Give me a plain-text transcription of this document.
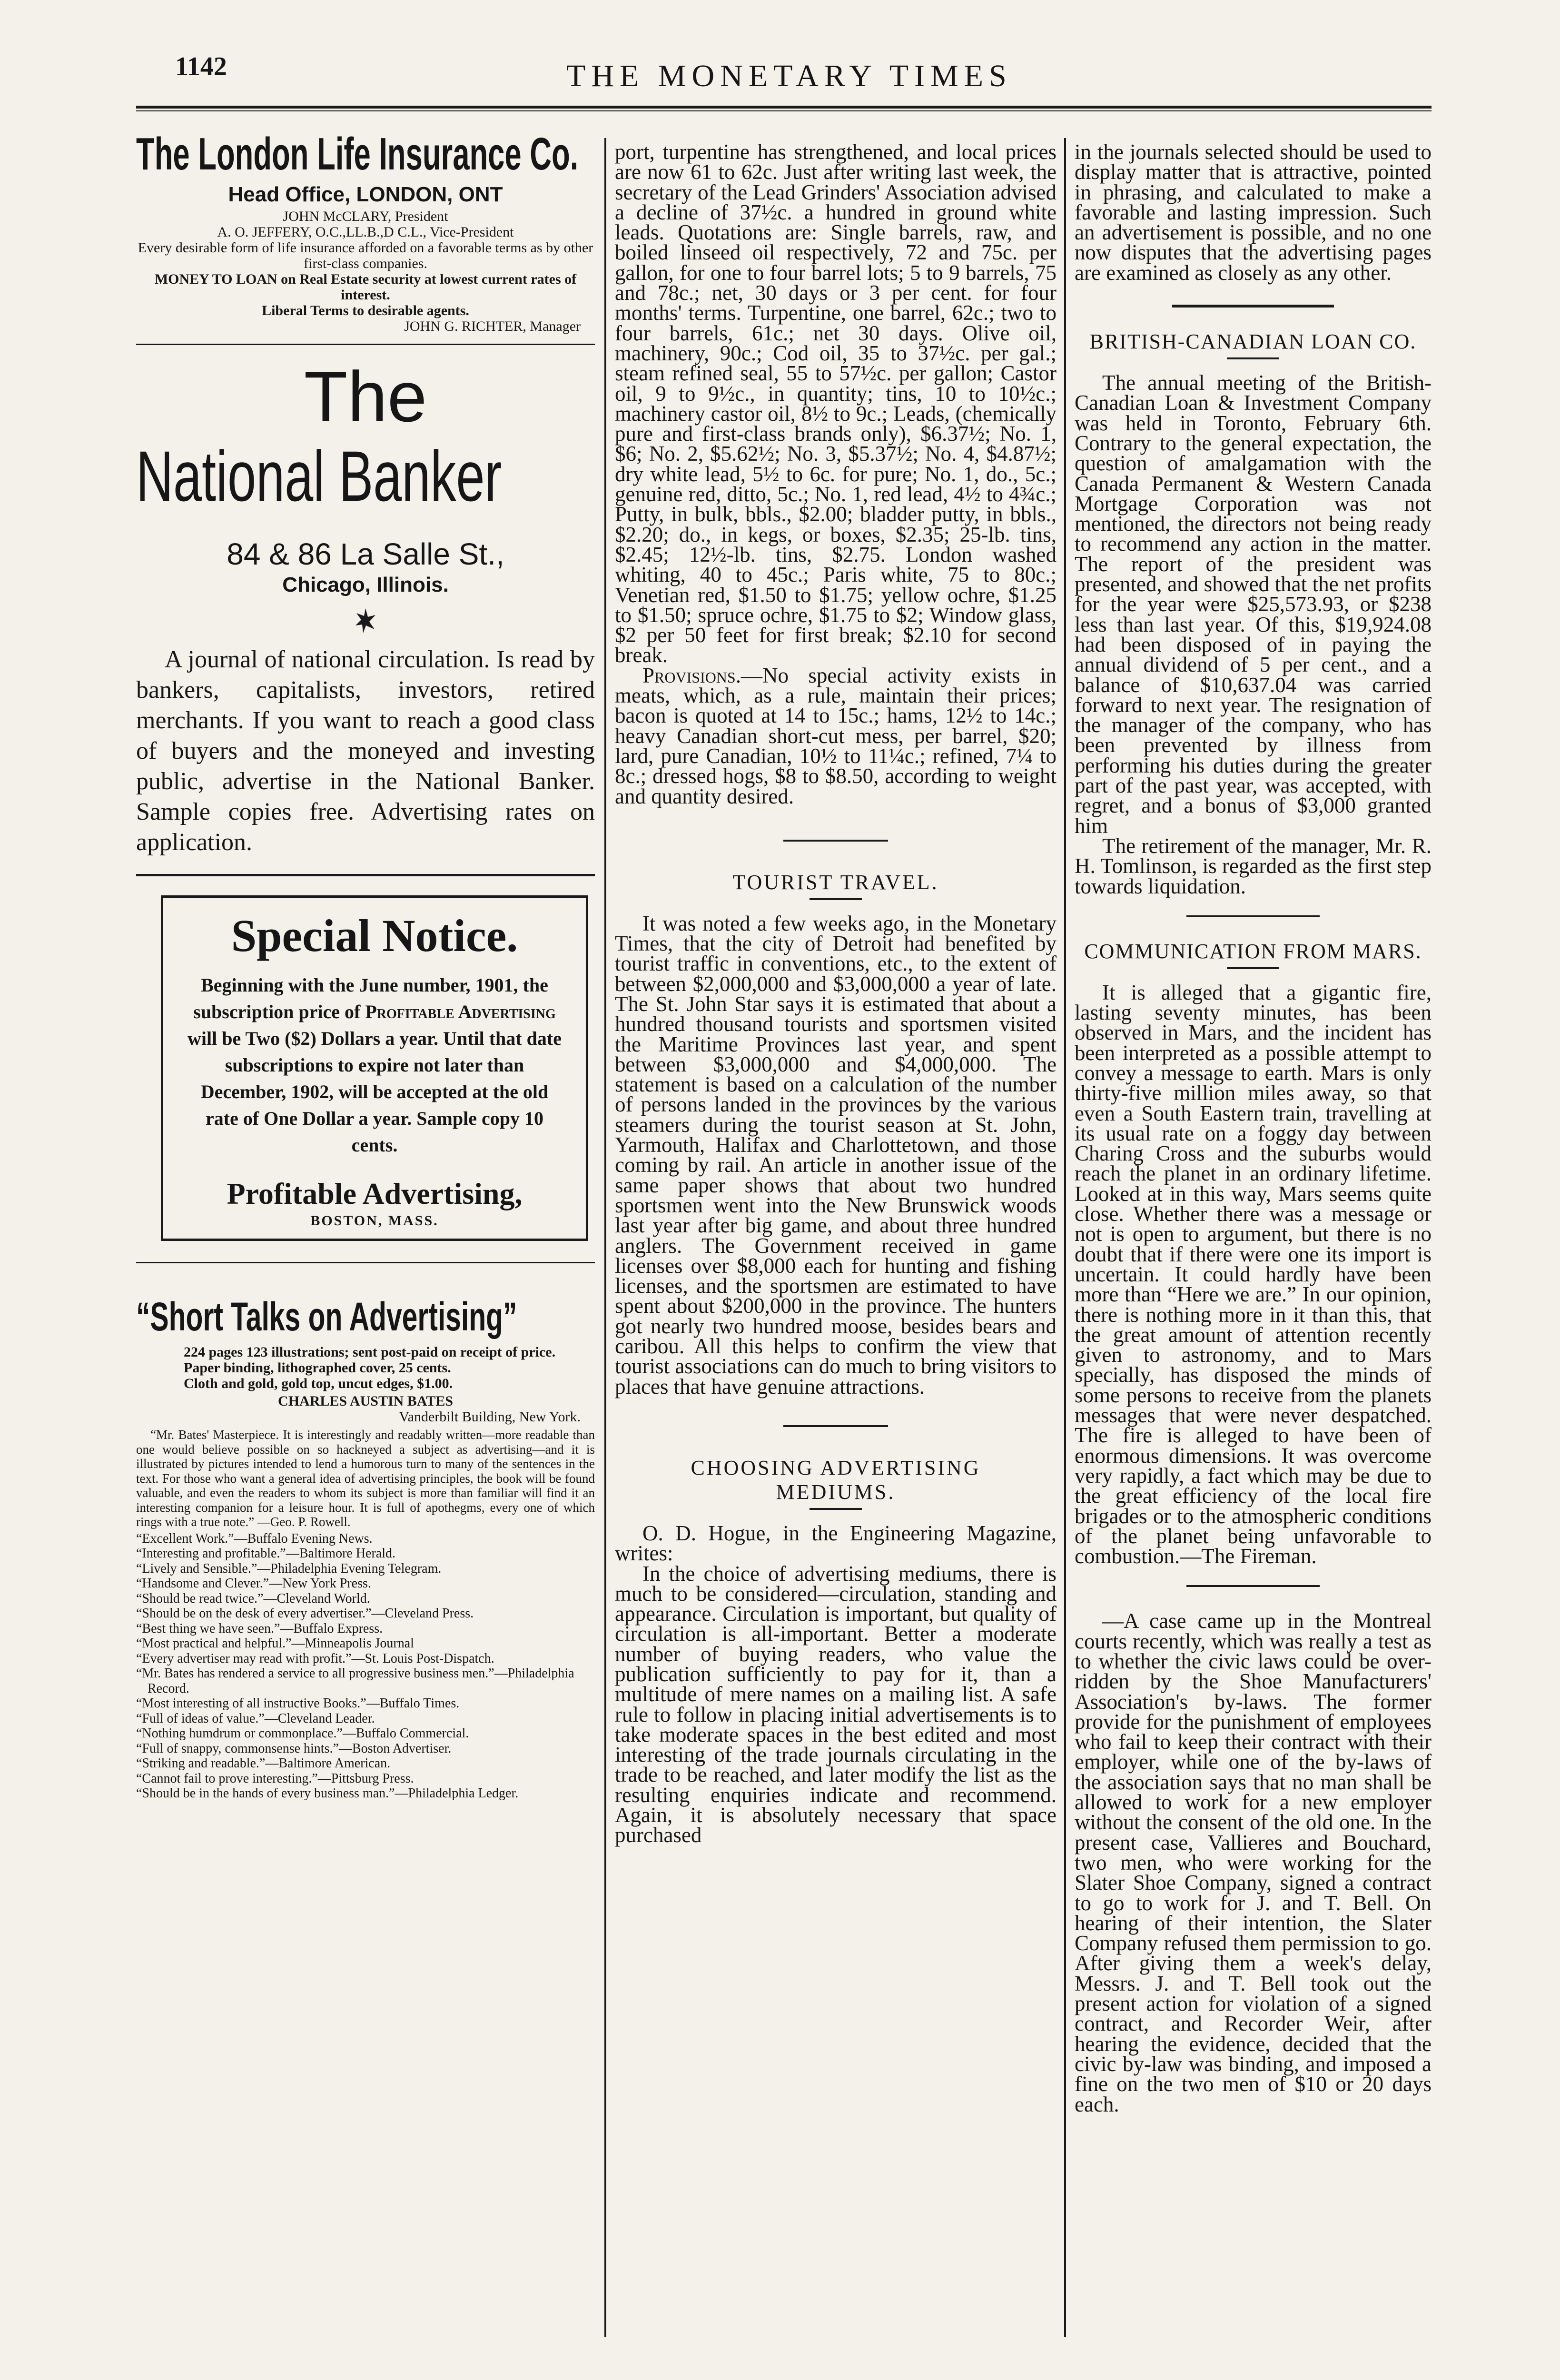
1142	THE MONETARY TIMES
The London Life Insurance Co.

Head Office, LONDON, ONT

JOHN McCLARY, President

A. O. JEFFERY, O.C.,LL.B.,D C.L., Vice-President

Every desirable form of life insurance afforded on a favorable terms as by other first-class companies.

MONEY TO LOAN on Real Estate security at lowest current rates of interest.

Liberal Terms to desirable agents.

JOHN G. RICHTER, Manager

The

National Banker

84 & 86 La Salle St.,

Chicago, Illinois.

A journal of national circulation. Is read by bankers, capitalists, investors, retired merchants. If you want to reach a good class of buyers and the moneyed and investing public, advertise in the National Banker. Sample copies free. Advertising rates on application.

Special Notice.

Beginning with the June number, 1901, the subscription price of Profitable Advertising will be Two ($2) Dollars a year. Until that date subscriptions to expire not later than December, 1902, will be accepted at the old rate of One Dollar a year. Sample copy 10 cents.

Profitable Advertising,

BOSTON, MASS.

“Short Talks on Advertising”

224 pages 123 illustrations; sent post-paid on receipt of price.

Paper binding, lithographed cover, 25 cents.

Cloth and gold, gold top, uncut edges, $1.00.

CHARLES AUSTIN BATES

Vanderbilt Building, New York.

“Mr. Bates' Masterpiece. It is interestingly and readably written—more readable than one would believe possible on so hackneyed a subject as advertising—and it is illustrated by pictures intended to lend a humorous turn to many of the sentences in the text. For those who want a general idea of advertising principles, the book will be found valuable, and even the readers to whom its subject is more than familiar will find it an interesting companion for a leisure hour. It is full of apothegms, every one of which rings with a true note.” —Geo. P. Rowell.

“Excellent Work.”—Buffalo Evening News.

“Interesting and profitable.”—Baltimore Herald.

“Lively and Sensible.”—Philadelphia Evening Telegram.

“Handsome and Clever.”—New York Press.

“Should be read twice.”—Cleveland World.

“Should be on the desk of every advertiser.”—Cleveland Press.

“Best thing we have seen.”—Buffalo Express.

“Most practical and helpful.”—Minneapolis Journal

“Every advertiser may read with profit.”—St. Louis Post-Dispatch.

“Mr. Bates has rendered a service to all progressive business men.”—Philadelphia Record.

“Most interesting of all instructive Books.”—Buffalo Times.

“Full of ideas of value.”—Cleveland Leader.

“Nothing humdrum or commonplace.”—Buffalo Commercial.

“Full of snappy, commonsense hints.”—Boston Advertiser.

“Striking and readable.”—Baltimore American.

“Cannot fail to prove interesting.”—Pittsburg Press.

“Should be in the hands of every business man.”—Philadelphia Ledger.

port, turpentine has strengthened, and local prices are now 61 to 62c. Just after writing last week, the secretary of the Lead Grinders' Association advised a decline of 37½c. a hundred in ground white leads. Quotations are: Single barrels, raw, and boiled linseed oil respectively, 72 and 75c. per gallon, for one to four barrel lots; 5 to 9 barrels, 75 and 78c.; net, 30 days or 3 per cent. for four months' terms. Turpentine, one barrel, 62c.; two to four barrels, 61c.; net 30 days. Olive oil, machinery, 90c.; Cod oil, 35 to 37½c. per gal.; steam refined seal, 55 to 57½c. per gallon; Castor oil, 9 to 9½c., in quantity; tins, 10 to 10½c.; machinery castor oil, 8½ to 9c.; Leads, (chemically pure and first-class brands only), $6.37½; No. 1, $6; No. 2, $5.62½; No. 3, $5.37½; No. 4, $4.87½; dry white lead, 5½ to 6c. for pure; No. 1, do., 5c.; genuine red, ditto, 5c.; No. 1, red lead, 4½ to 4¾c.; Putty, in bulk, bbls., $2.00; bladder putty, in bbls., $2.20; do., in kegs, or boxes, $2.35; 25-lb. tins, $2.45; 12½-lb. tins, $2.75. London washed whiting, 40 to 45c.; Paris white, 75 to 80c.; Venetian red, $1.50 to $1.75; yellow ochre, $1.25 to $1.50; spruce ochre, $1.75 to $2; Window glass, $2 per 50 feet for first break; $2.10 for second break.

Provisions.—No special activity exists in meats, which, as a rule, maintain their prices; bacon is quoted at 14 to 15c.; hams, 12½ to 14c.; heavy Canadian short-cut mess, per barrel, $20; lard, pure Canadian, 10½ to 11¼c.; refined, 7¼ to 8c.; dressed hogs, $8 to $8.50, according to weight and quantity desired.

TOURIST TRAVEL.

It was noted a few weeks ago, in the Monetary Times, that the city of Detroit had benefited by tourist traffic in conventions, etc., to the extent of between $2,000,000 and $3,000,000 a year of late. The St. John Star says it is estimated that about a hundred thousand tourists and sportsmen visited the Maritime Provinces last year, and spent between $3,000,000 and $4,000,000. The statement is based on a calculation of the number of persons landed in the provinces by the various steamers during the tourist season at St. John, Yarmouth, Halifax and Charlottetown, and those coming by rail. An article in another issue of the same paper shows that about two hundred sportsmen went into the New Brunswick woods last year after big game, and about three hundred anglers. The Government received in game licenses over $8,000 each for hunting and fishing licenses, and the sportsmen are estimated to have spent about $200,000 in the province. The hunters got nearly two hundred moose, besides bears and caribou. All this helps to confirm the view that tourist associations can do much to bring visitors to places that have genuine attractions.

CHOOSING ADVERTISING MEDIUMS.

O. D. Hogue, in the Engineering Magazine, writes:

In the choice of advertising mediums, there is much to be considered—circulation, standing and appearance. Circulation is important, but quality of circulation is all-important. Better a moderate number of buying readers, who value the publication sufficiently to pay for it, than a multitude of mere names on a mailing list. A safe rule to follow in placing initial advertisements is to take moderate spaces in the best edited and most interesting of the trade journals circulating in the trade to be reached, and later modify the list as the resulting enquiries indicate and recommend. Again, it is absolutely necessary that space purchased

in the journals selected should be used to display matter that is attractive, pointed in phrasing, and calculated to make a favorable and lasting impression. Such an advertisement is possible, and no one now disputes that the advertising pages are examined as closely as any other.

BRITISH-CANADIAN LOAN CO.

The annual meeting of the British-Canadian Loan & Investment Company was held in Toronto, February 6th. Contrary to the general expectation, the question of amalgamation with the Canada Permanent & Western Canada Mortgage Corporation was not mentioned, the directors not being ready to recommend any action in the matter. The report of the president was presented, and showed that the net profits for the year were $25,573.93, or $238 less than last year. Of this, $19,924.08 had been disposed of in paying the annual dividend of 5 per cent., and a balance of $10,637.04 was carried forward to next year. The resignation of the manager of the company, who has been prevented by illness from performing his duties during the greater part of the past year, was accepted, with regret, and a bonus of $3,000 granted him

The retirement of the manager, Mr. R. H. Tomlinson, is regarded as the first step towards liquidation.

COMMUNICATION FROM MARS.

It is alleged that a gigantic fire, lasting seventy minutes, has been observed in Mars, and the incident has been interpreted as a possible attempt to convey a message to earth. Mars is only thirty-five million miles away, so that even a South Eastern train, travelling at its usual rate on a foggy day between Charing Cross and the suburbs would reach the planet in an ordinary lifetime. Looked at in this way, Mars seems quite close. Whether there was a message or not is open to argument, but there is no doubt that if there were one its import is uncertain. It could hardly have been more than “Here we are.” In our opinion, there is nothing more in it than this, that the great amount of attention recently given to astronomy, and to Mars specially, has disposed the minds of some persons to receive from the planets messages that were never despatched. The fire is alleged to have been of enormous dimensions. It was overcome very rapidly, a fact which may be due to the great efficiency of the local fire brigades or to the atmospheric conditions of the planet being unfavorable to combustion.—The Fireman.

—A case came up in the Montreal courts recently, which was really a test as to whether the civic laws could be over-ridden by the Shoe Manufacturers' Association's by-laws. The former provide for the punishment of employees who fail to keep their contract with their employer, while one of the by-laws of the association says that no man shall be allowed to work for a new employer without the consent of the old one. In the present case, Vallieres and Bouchard, two men, who were working for the Slater Shoe Company, signed a contract to go to work for J. and T. Bell. On hearing of their intention, the Slater Company refused them permission to go. After giving them a week's delay, Messrs. J. and T. Bell took out the present action for violation of a signed contract, and Recorder Weir, after hearing the evidence, decided that the civic by-law was binding, and imposed a fine on the two men of $10 or 20 days each.
